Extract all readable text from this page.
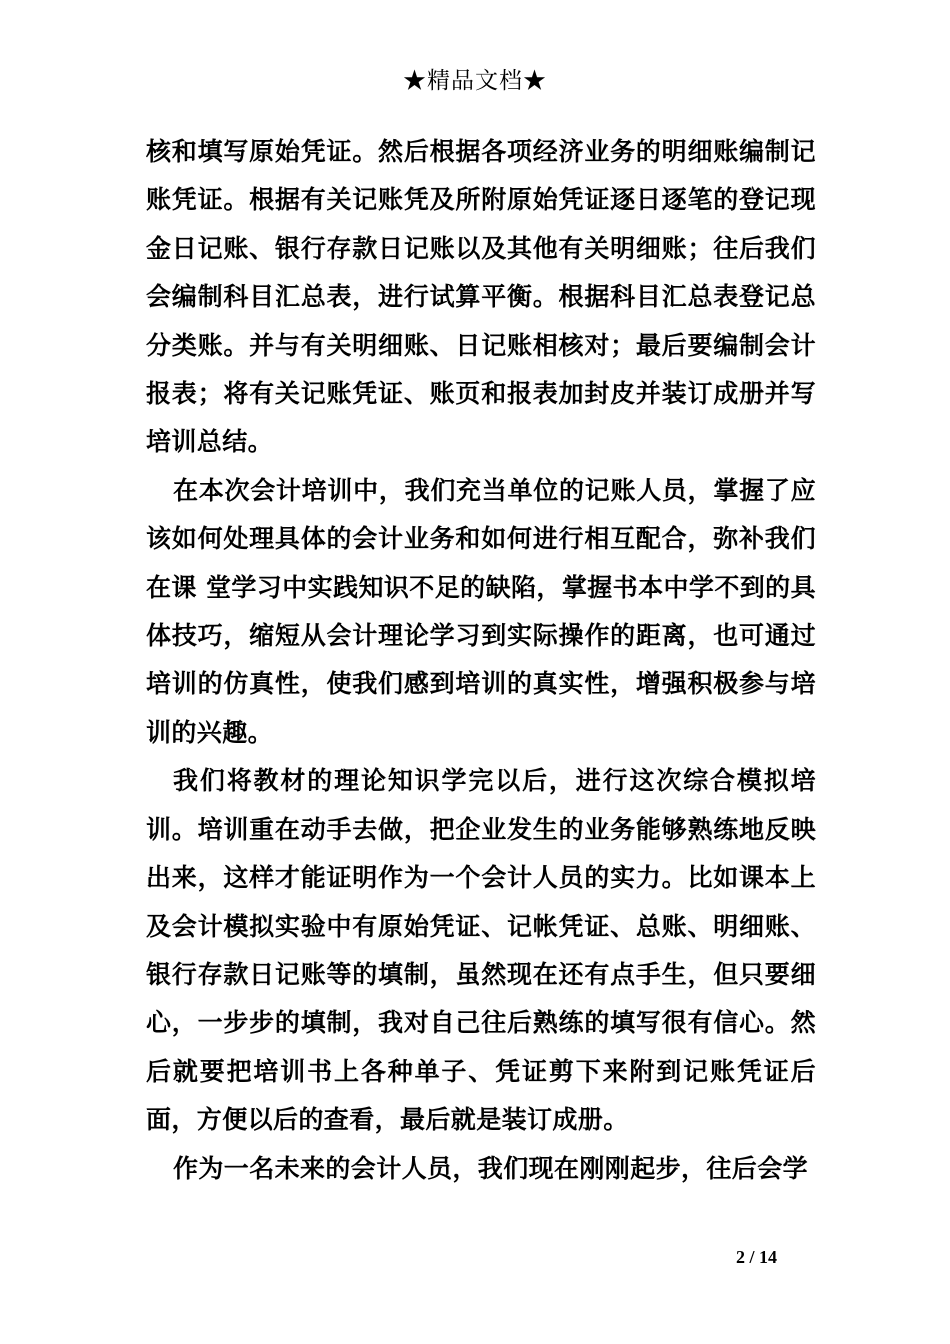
★精品文档★

核和填写原始凭证。然后根据各项经济业务的明细账编制记账凭证。根据有关记账凭及所附原始凭证逐日逐笔的登记现金日记账、银行存款日记账以及其他有关明细账；往后我们会编制科目汇总表，进行试算平衡。根据科目汇总表登记总分类账。并与有关明细账、日记账相核对；最后要编制会计报表；将有关记账凭证、账页和报表加封皮并装订成册并写培训总结。

在本次会计培训中，我们充当单位的记账人员，掌握了应该如何处理具体的会计业务和如何进行相互配合，弥补我们在课 堂学习中实践知识不足的缺陷，掌握书本中学不到的具体技巧，缩短从会计理论学习到实际操作的距离，也可通过培训的仿真性，使我们感到培训的真实性，增强积极参与培训的兴趣。

我们将教材的理论知识学完以后，进行这次综合模拟培训。培训重在动手去做，把企业发生的业务能够熟练地反映出来，这样才能证明作为一个会计人员的实力。比如课本上及会计模拟实验中有原始凭证、记帐凭证、总账、明细账、银行存款日记账等的填制，虽然现在还有点手生，但只要细心，一步步的填制，我对自己往后熟练的填写很有信心。然后就要把培训书上各种单子、凭证剪下来附到记账凭证后面，方便以后的查看，最后就是装订成册。

作为一名未来的会计人员，我们现在刚刚起步，往后会学

2 / 14
